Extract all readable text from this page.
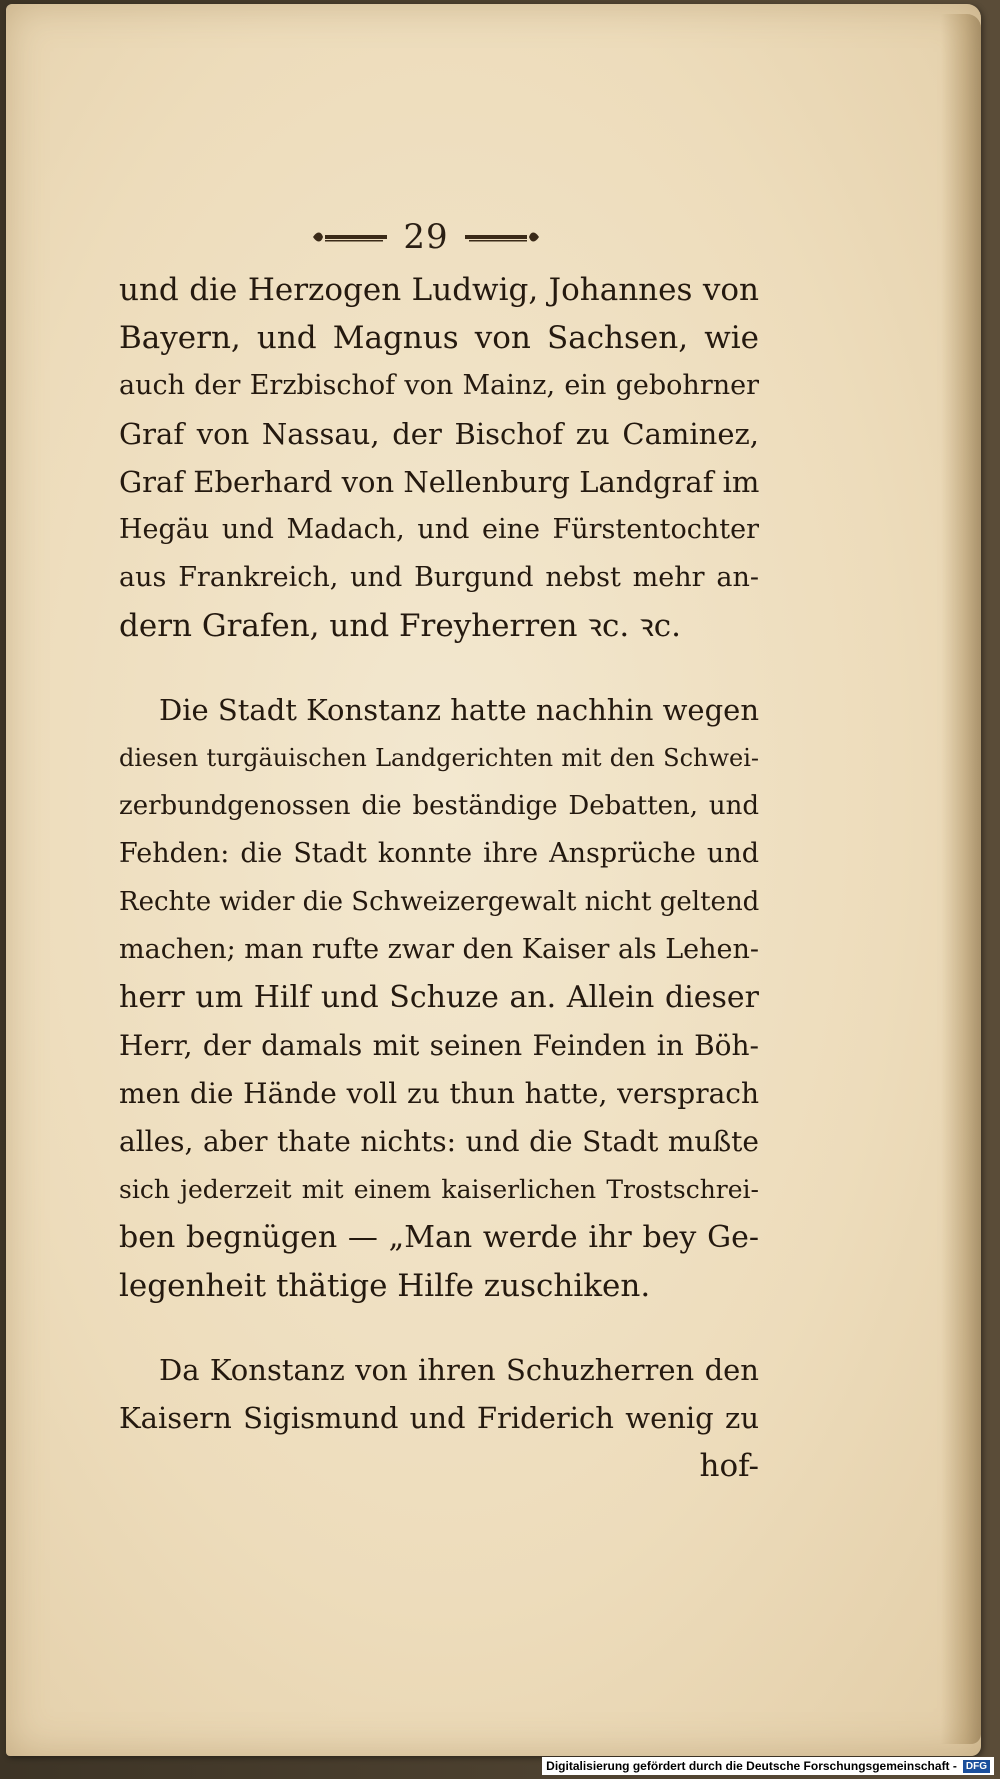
29
und die Herzogen Ludwig, Johannes von
Bayern, und Magnus von Sachsen, wie
auch der Erzbischof von Mainz, ein gebohrner
Graf von Nassau, der Bischof zu Caminez,
Graf Eberhard von Nellenburg Landgraf im
Hegäu und Madach, und eine Fürstentochter
aus Frankreich, und Burgund nebst mehr an-
dern Grafen, und Freyherren ꝛc. ꝛc.
Die Stadt Konstanz hatte nachhin wegen
diesen turgäuischen Landgerichten mit den Schwei-
zerbundgenossen die beständige Debatten, und
Fehden: die Stadt konnte ihre Ansprüche und
Rechte wider die Schweizergewalt nicht geltend
machen; man rufte zwar den Kaiser als Lehen-
herr um Hilf und Schuze an. Allein dieser
Herr, der damals mit seinen Feinden in Böh-
men die Hände voll zu thun hatte, versprach
alles, aber thate nichts: und die Stadt mußte
sich jederzeit mit einem kaiserlichen Trostschrei-
ben begnügen — „Man werde ihr bey Ge-
legenheit thätige Hilfe zuschiken.
Da Konstanz von ihren Schuzherren den
Kaisern Sigismund und Friderich wenig zu
hof-
Digitalisierung gefördert durch die Deutsche Forschungsgemeinschaft - DFG
